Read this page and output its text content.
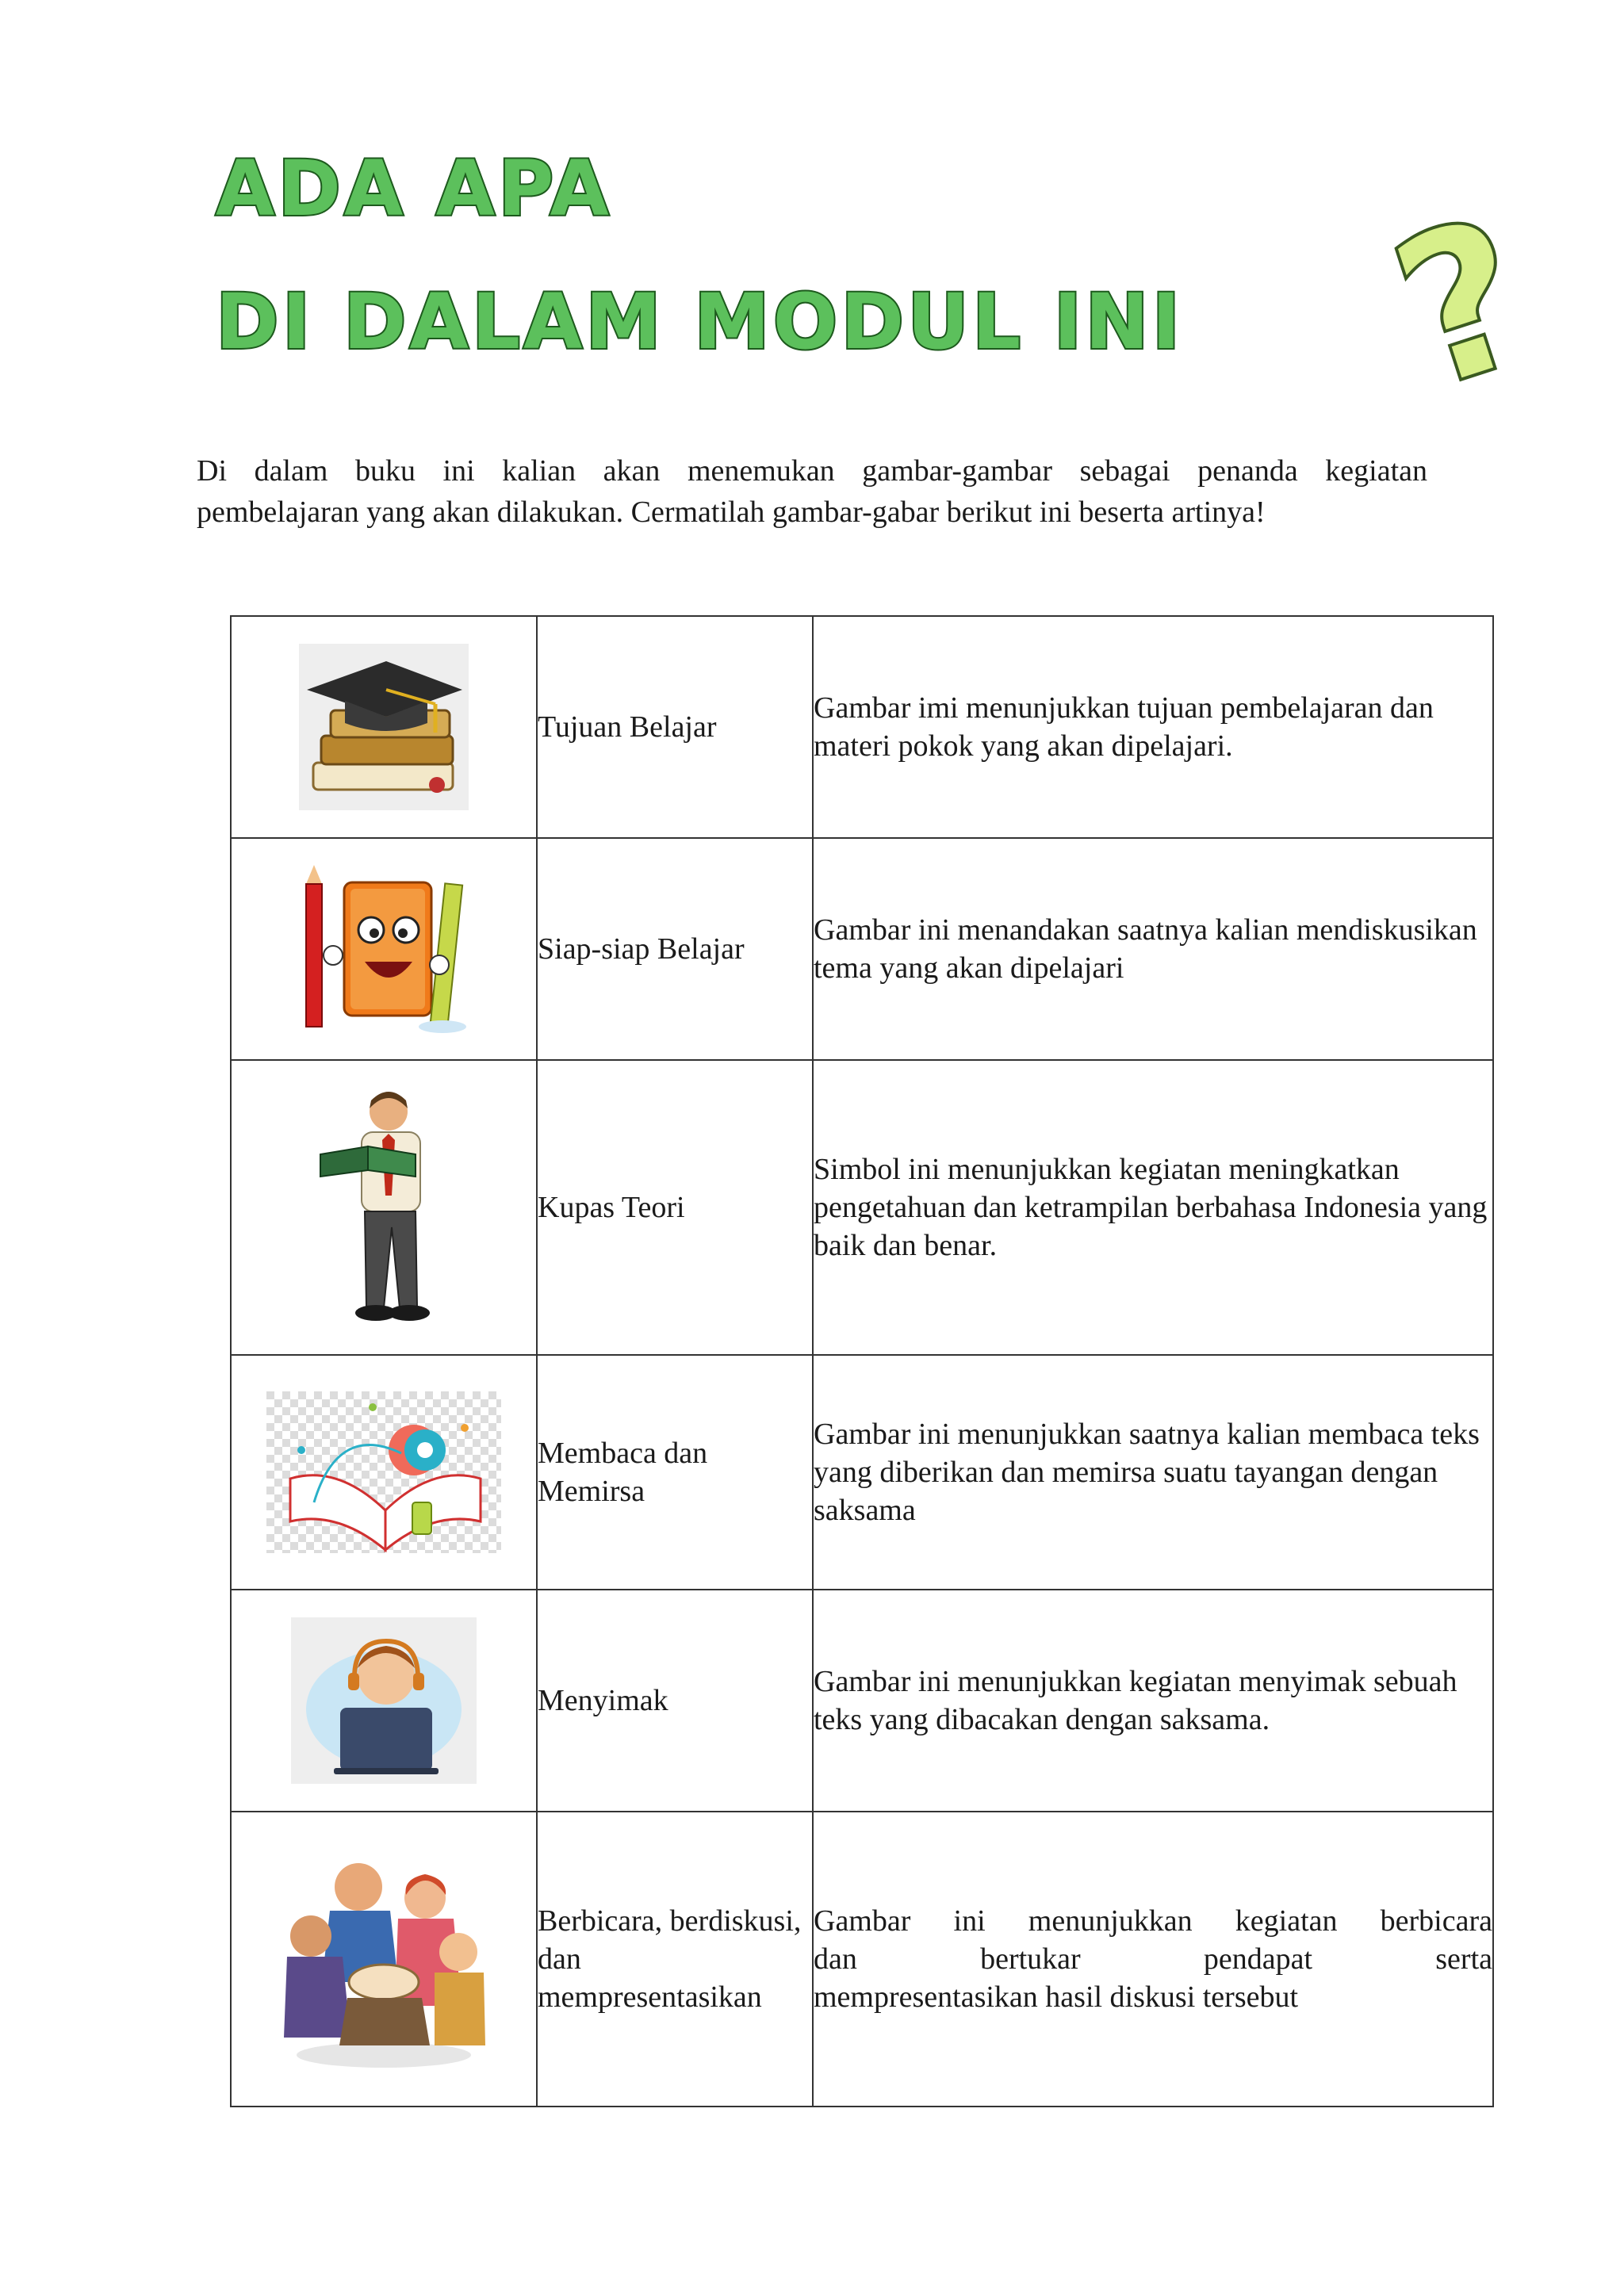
ADA APA
DI DALAM MODUL INI ?
Di dalam buku ini kalian akan menemukan gambar-gambar sebagai penanda kegiatan
pembelajaran yang akan dilakukan. Cermatilah gambar-gabar berikut ini beserta artinya!
	Tujuan Belajar	Gambar imi menunjukkan tujuan pembelajaran dan materi pokok yang akan dipelajari.

	Siap-siap Belajar	Gambar ini menandakan saatnya kalian mendiskusikan tema yang akan dipelajari

	Kupas Teori	Simbol ini menunjukkan kegiatan meningkatkan pengetahuan dan ketrampilan berbahasa Indonesia yang baik dan benar.

	Membaca dan Memirsa	Gambar ini menunjukkan saatnya kalian membaca teks yang diberikan dan memirsa suatu tayangan dengan saksama

	Menyimak	Gambar ini menunjukkan kegiatan menyimak sebuah teks yang dibacakan dengan saksama.

	Berbicara, berdiskusi, dan mempresentasikan	Gambar ini menunjukkan kegiatan berbicara
dan bertukar pendapat serta
mempresentasikan hasil diskusi tersebut
